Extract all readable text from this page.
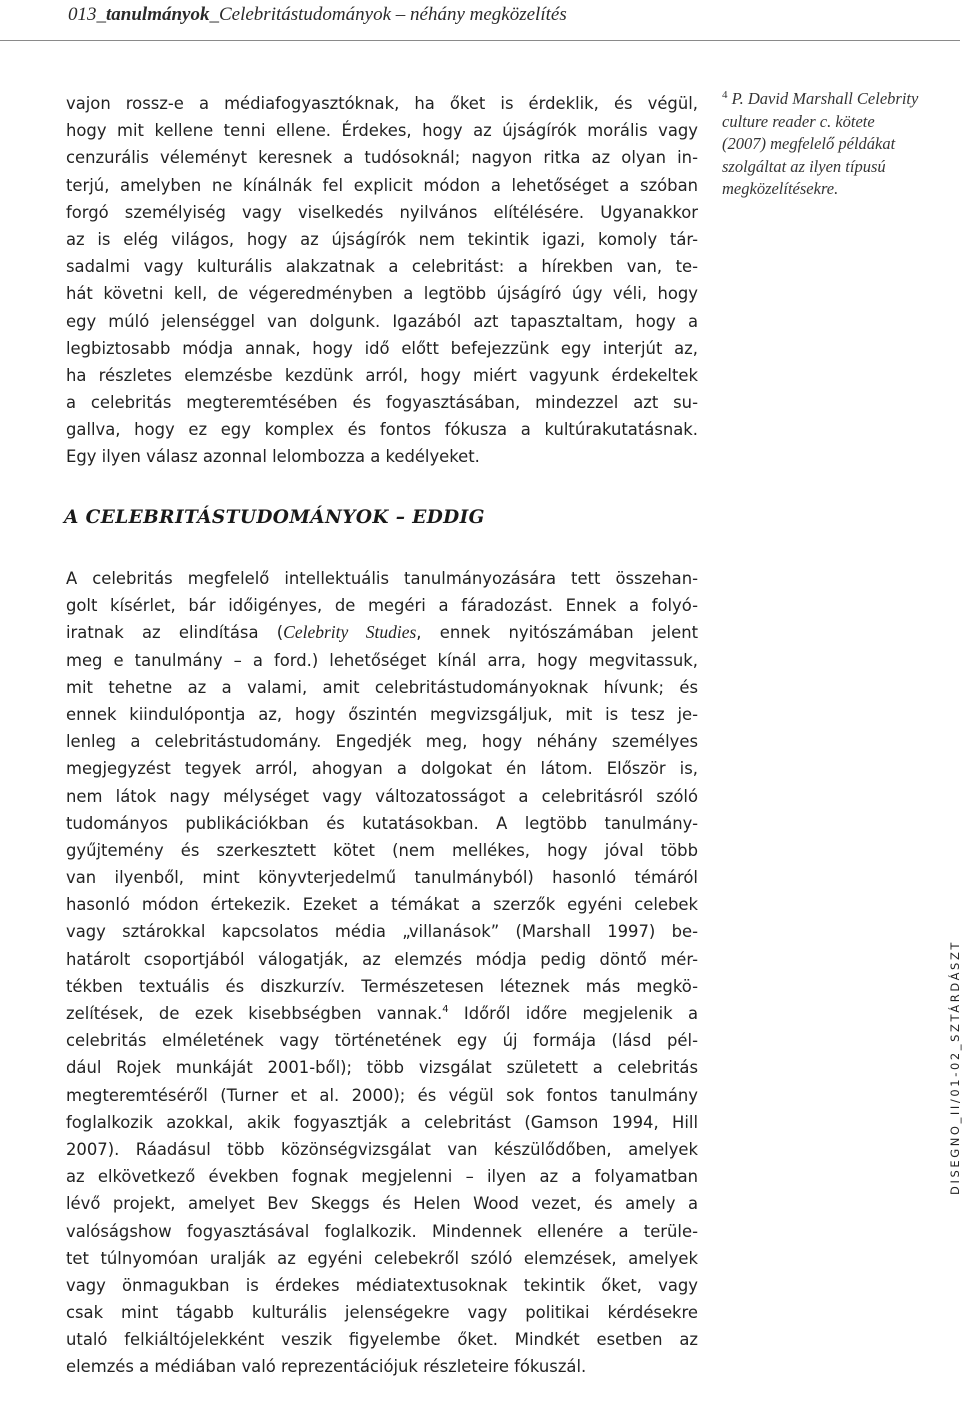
013_tanulmányok_Celebritástudományok – néhány megközelítés
vajon rossz-e a médiafogyasztóknak, ha őket is érdeklik, és végül,
hogy mit kellene tenni ellene. Érdekes, hogy az újságírók morális vagy
cenzurális véleményt keresnek a tudósoknál; nagyon ritka az olyan in-
terjú, amelyben ne kínálnák fel explicit módon a lehetőséget a szóban
forgó személyiség vagy viselkedés nyilvános elítélésére. Ugyanakkor
az is elég világos, hogy az újságírók nem tekintik igazi, komoly tár-
sadalmi vagy kulturális alakzatnak a celebritást: a hírekben van, te-
hát követni kell, de végeredményben a legtöbb újságíró úgy véli, hogy
egy múló jelenséggel van dolgunk. Igazából azt tapasztaltam, hogy a
legbiztosabb módja annak, hogy idő előtt befejezzünk egy interjút az,
ha részletes elemzésbe kezdünk arról, hogy miért vagyunk érdekeltek
a celebritás megteremtésében és fogyasztásában, mindezzel azt su-
gallva, hogy ez egy komplex és fontos fókusza a kultúrakutatásnak.
Egy ilyen válasz azonnal lelombozza a kedélyeket.
A CELEBRITÁSTUDOMÁNYOK – EDDIG
A celebritás megfelelő intellektuális tanulmányozására tett összehan-
golt kísérlet, bár időigényes, de megéri a fáradozást. Ennek a folyó-
iratnak az elindítása (Celebrity Studies, ennek nyitószámában jelent
meg e tanulmány – a ford.) lehetőséget kínál arra, hogy megvitassuk,
mit tehetne az a valami, amit celebritástudományoknak hívunk; és
ennek kiindulópontja az, hogy őszintén megvizsgáljuk, mit is tesz je-
lenleg a celebritástudomány. Engedjék meg, hogy néhány személyes
megjegyzést tegyek arról, ahogyan a dolgokat én látom. Először is,
nem látok nagy mélységet vagy változatosságot a celebritásról szóló
tudományos publikációkban és kutatásokban. A legtöbb tanulmány-
gyűjtemény és szerkesztett kötet (nem mellékes, hogy jóval több
van ilyenből, mint könyvterjedelmű tanulmányból) hasonló témáról
hasonló módon értekezik. Ezeket a témákat a szerzők egyéni celebek
vagy sztárokkal kapcsolatos média „villanások” (Marshall 1997) be-
határolt csoportjából válogatják, az elemzés módja pedig döntő mér-
tékben textuális és diszkurzív. Természetesen léteznek más megkö-
zelítések, de ezek kisebbségben vannak.$^4$ Időről időre megjelenik a
celebritás elméletének vagy történetének egy új formája (lásd pél-
dául Rojek munkáját 2001-ből); több vizsgálat született a celebritás
megteremtéséről (Turner et al. 2000); és végül sok fontos tanulmány
foglalkozik azokkal, akik fogyasztják a celebritást (Gamson 1994, Hill
2007). Ráadásul több közönségvizsgálat van készülődőben, amelyek
az elkövetkező években fognak megjelenni – ilyen az a folyamatban
lévő projekt, amelyet Bev Skeggs és Helen Wood vezet, és amely a
valóságshow fogyasztásával foglalkozik. Mindennek ellenére a terüle-
tet túlnyomóan uralják az egyéni celebekről szóló elemzések, amelyek
vagy önmagukban is érdekes médiatextusoknak tekintik őket, vagy
csak mint tágabb kulturális jelenségekre vagy politikai kérdésekre
utaló felkiáltójelekként veszik figyelembe őket. Mindkét esetben az
elemzés a médiában való reprezentációjuk részleteire fókuszál.
$^4$ P. David Marshall Celebrity
culture reader c. kötete
(2007) megfelelő példákat
szolgáltat az ilyen típusú
megközelítésekre.
DISEGNO_II/01-02_SZTÁRDÁSZT
